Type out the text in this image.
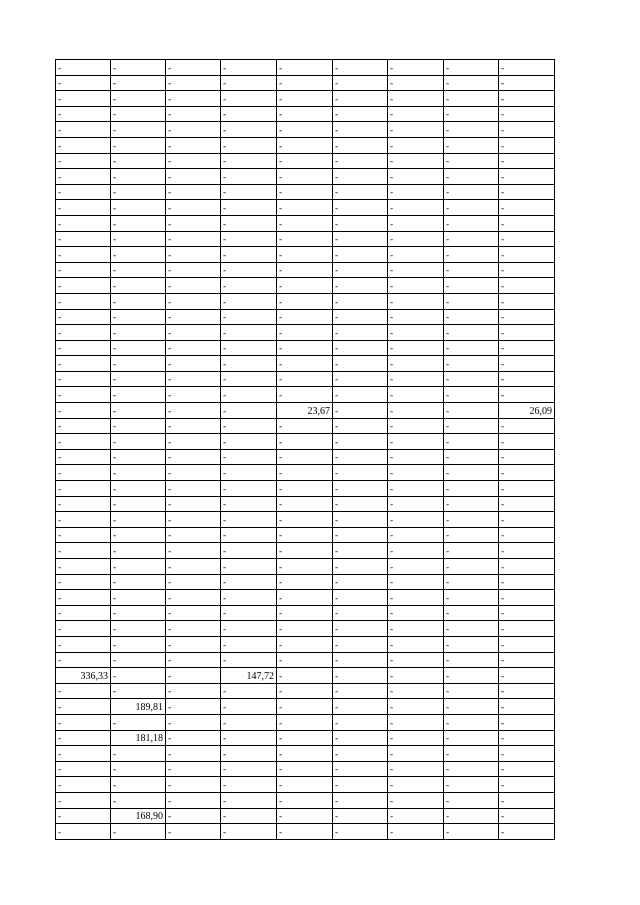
-	-	-	-	-	-	-	-	-
-	-	-	-	-	-	-	-	-
-	-	-	-	-	-	-	-	-
-	-	-	-	-	-	-	-	-
-	-	-	-	-	-	-	-	-
-	-	-	-	-	-	-	-	-
-	-	-	-	-	-	-	-	-
-	-	-	-	-	-	-	-	-
-	-	-	-	-	-	-	-	-
-	-	-	-	-	-	-	-	-
-	-	-	-	-	-	-	-	-
-	-	-	-	-	-	-	-	-
-	-	-	-	-	-	-	-	-
-	-	-	-	-	-	-	-	-
-	-	-	-	-	-	-	-	-
-	-	-	-	-	-	-	-	-
-	-	-	-	-	-	-	-	-
-	-	-	-	-	-	-	-	-
-	-	-	-	-	-	-	-	-
-	-	-	-	-	-	-	-	-
-	-	-	-	-	-	-	-	-
-	-	-	-	-	-	-	-	-
-	-	-	-	23,67	-	-	-	26,09
-	-	-	-	-	-	-	-	-
-	-	-	-	-	-	-	-	-
-	-	-	-	-	-	-	-	-
-	-	-	-	-	-	-	-	-
-	-	-	-	-	-	-	-	-
-	-	-	-	-	-	-	-	-
-	-	-	-	-	-	-	-	-
-	-	-	-	-	-	-	-	-
-	-	-	-	-	-	-	-	-
-	-	-	-	-	-	-	-	-
-	-	-	-	-	-	-	-	-
-	-	-	-	-	-	-	-	-
-	-	-	-	-	-	-	-	-
-	-	-	-	-	-	-	-	-
-	-	-	-	-	-	-	-	-
-	-	-	-	-	-	-	-	-
336,33	-	-	147,72	-	-	-	-	-
-	-	-	-	-	-	-	-	-
-	189,81	-	-	-	-	-	-	-
-	-	-	-	-	-	-	-	-
-	181,18	-	-	-	-	-	-	-
-	-	-	-	-	-	-	-	-
-	-	-	-	-	-	-	-	-
-	-	-	-	-	-	-	-	-
-	-	-	-	-	-	-	-	-
-	168,90	-	-	-	-	-	-	-
-	-	-	-	-	-	-	-	-
